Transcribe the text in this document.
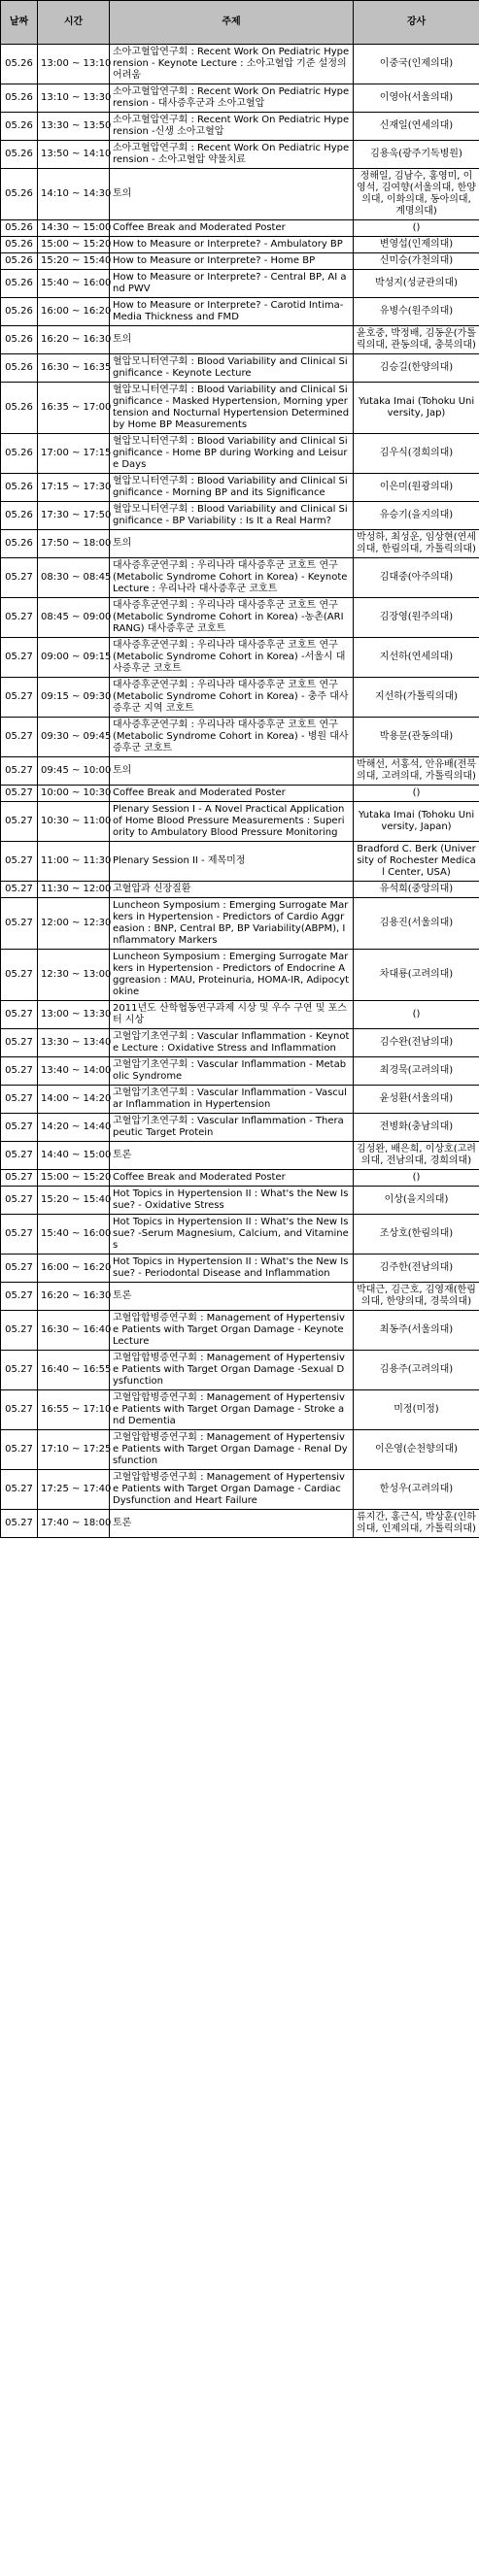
날짜	시간	주제	강사
05.26	13:00 ~ 13:10	소아고혈압연구회 : Recent Work On Pediatric Hyperension - Keynote Lecture : 소아고혈압 기준 설정의 어려움	이중국(인제의대)
05.26	13:10 ~ 13:30	소아고혈압연구회 : Recent Work On Pediatric Hyperension - 대사증후군과 소아고혈압	이영아(서울의대)
05.26	13:30 ~ 13:50	소아고혈압연구회 : Recent Work On Pediatric Hyperension -신생 소아고혈압	신재일(연세의대)
05.26	13:50 ~ 14:10	소아고혈압연구회 : Recent Work On Pediatric Hyperension - 소아고혈압 약물치료	김용욱(광주기독병원)
05.26	14:10 ~ 14:30	토의	정해일, 김남수, 홍영미, 이영석, 김여향(서울의대, 한양의대, 이화의대, 동아의대, 계명의대)
05.26	14:30 ~ 15:00	Coffee Break and Moderated Poster	()
05.26	15:00 ~ 15:20	How to Measure or Interprete? - Ambulatory BP	변영섭(인제의대)
05.26	15:20 ~ 15:40	How to Measure or Interprete? - Home BP	신미승(가천의대)
05.26	15:40 ~ 16:00	How to Measure or Interprete? - Central BP, AI and PWV	박성지(성균관의대)
05.26	16:00 ~ 16:20	How to Measure or Interprete? - Carotid Intima-Media Thickness and FMD	유병수(원주의대)
05.26	16:20 ~ 16:30	토의	윤호중, 박정배, 김동운(가톨릭의대, 관동의대, 충북의대)
05.26	16:30 ~ 16:35	혈압모니터연구회 : Blood Variability and Clinical Significance - Keynote Lecture	김승길(한양의대)
05.26	16:35 ~ 17:00	혈압모니터연구회 : Blood Variability and Clinical Significance - Masked Hypertension, Morning ypertension and Nocturnal Hypertension Determined by Home BP Measurements	Yutaka Imai (Tohoku University, Jap)
05.26	17:00 ~ 17:15	혈압모니터연구회 : Blood Variability and Clinical Significance - Home BP during Working and Leisure Days	김우식(경희의대)
05.26	17:15 ~ 17:30	혈압모니터연구회 : Blood Variability and Clinical Significance - Morning BP and its Significance	이은미(원광의대)
05.26	17:30 ~ 17:50	혈압모니터연구회 : Blood Variability and Clinical Significance - BP Variability : Is It a Real Harm?	유승기(을지의대)
05.26	17:50 ~ 18:00	토의	박성하, 최성운, 임상현(연세의대, 한림의대, 가톨릭의대)
05.27	08:30 ~ 08:45	대사증후군연구회 : 우리나라 대사증후군 코호트 연구(Metabolic Syndrome Cohort in Korea) - Keynote Lecture : 우리나라 대사증후군 코호트	김대중(아주의대)
05.27	08:45 ~ 09:00	대사증후군연구회 : 우리나라 대사증후군 코호트 연구(Metabolic Syndrome Cohort in Korea) -농촌(ARIRANG) 대사증후군 코호트	김장영(원주의대)
05.27	09:00 ~ 09:15	대사증후군연구회 : 우리나라 대사증후군 코호트 연구(Metabolic Syndrome Cohort in Korea) -서울시 대사증후군 코호트	지선하(연세의대)
05.27	09:15 ~ 09:30	대사증후군연구회 : 우리나라 대사증후군 코호트 연구(Metabolic Syndrome Cohort in Korea) - 충주 대사증후군 지역 코호트	지선하(가톨릭의대)
05.27	09:30 ~ 09:45	대사증후군연구회 : 우리나라 대사증후군 코호트 연구(Metabolic Syndrome Cohort in Korea) - 병원 대사증후군 코호트	박용문(관동의대)
05.27	09:45 ~ 10:00	토의	박해선, 서홍석, 안유배(전북의대, 고려의대, 가톨릭의대)
05.27	10:00 ~ 10:30	Coffee Break and Moderated Poster	()
05.27	10:30 ~ 11:00	Plenary Session I - A Novel Practical Application of Home Blood Pressure Measurements : Superiority to Ambulatory Blood Pressure Monitoring	Yutaka Imai (Tohoku University, Japan)
05.27	11:00 ~ 11:30	Plenary Session II - 제목미정	Bradford C. Berk (University of Rochester Medical Center, USA)
05.27	11:30 ~ 12:00	고혈압과 신장질환	유석희(중앙의대)
05.27	12:00 ~ 12:30	Luncheon Symposium : Emerging Surrogate Markers in Hypertension - Predictors of Cardio Aggreasion : BNP, Central BP, BP Variability(ABPM), Inflammatory Markers	김용진(서울의대)
05.27	12:30 ~ 13:00	Luncheon Symposium : Emerging Surrogate Markers in Hypertension - Predictors of Endocrine Aggreasion : MAU, Proteinuria, HOMA-IR, Adipocytokine	차대룡(고려의대)
05.27	13:00 ~ 13:30	2011년도 산학협동연구과제 시상 및 우수 구연 및 포스터 시상	()
05.27	13:30 ~ 13:40	고혈압기초연구회 : Vascular Inflammation - Keynote Lecture : Oxidative Stress and Inflammation	김수완(전남의대)
05.27	13:40 ~ 14:00	고혈압기초연구회 : Vascular Inflammation - Metabolic Syndrome	최경묵(고려의대)
05.27	14:00 ~ 14:20	고혈압기초연구회 : Vascular Inflammation - Vascular Inflammation in Hypertension	윤성환(서울의대)
05.27	14:20 ~ 14:40	고혈압기초연구회 : Vascular Inflammation - Therapeutic Target Protein	전병화(충남의대)
05.27	14:40 ~ 15:00	토론	김성완, 배은희, 이상호(고려의대, 전남의대, 경희의대)
05.27	15:00 ~ 15:20	Coffee Break and Moderated Poster	()
05.27	15:20 ~ 15:40	Hot Topics in Hypertension II : What's the New Issue? - Oxidative Stress	이상(을지의대)
05.27	15:40 ~ 16:00	Hot Topics in Hypertension II : What's the New Issue? -Serum Magnesium, Calcium, and Vitamines	조상호(한림의대)
05.27	16:00 ~ 16:20	Hot Topics in Hypertension II : What's the New Issue? - Periodontal Disease and Inflammation	김주한(전남의대)
05.27	16:20 ~ 16:30	토론	박대근, 김근호, 김영재(한림의대, 한양의대, 경북의대)
05.27	16:30 ~ 16:40	고혈압합병증연구회 : Management of Hypertensive Patients with Target Organ Damage - Keynote Lecture	최동주(서울의대)
05.27	16:40 ~ 16:55	고혈압합병증연구회 : Management of Hypertensive Patients with Target Organ Damage -Sexual Dysfunction	김용주(고려의대)
05.27	16:55 ~ 17:10	고혈압합병증연구회 : Management of Hypertensive Patients with Target Organ Damage - Stroke and Dementia	미정(미정)
05.27	17:10 ~ 17:25	고혈압합병증연구회 : Management of Hypertensive Patients with Target Organ Damage - Renal Dysfunction	이은영(순천향의대)
05.27	17:25 ~ 17:40	고혈압합병증연구회 : Management of Hypertensive Patients with Target Organ Damage - Cardiac Dysfunction and Heart Failure	한성우(고려의대)
05.27	17:40 ~ 18:00	토론	류지간, 홍근식, 박상훈(인하의대, 인제의대, 가톨릭의대)
